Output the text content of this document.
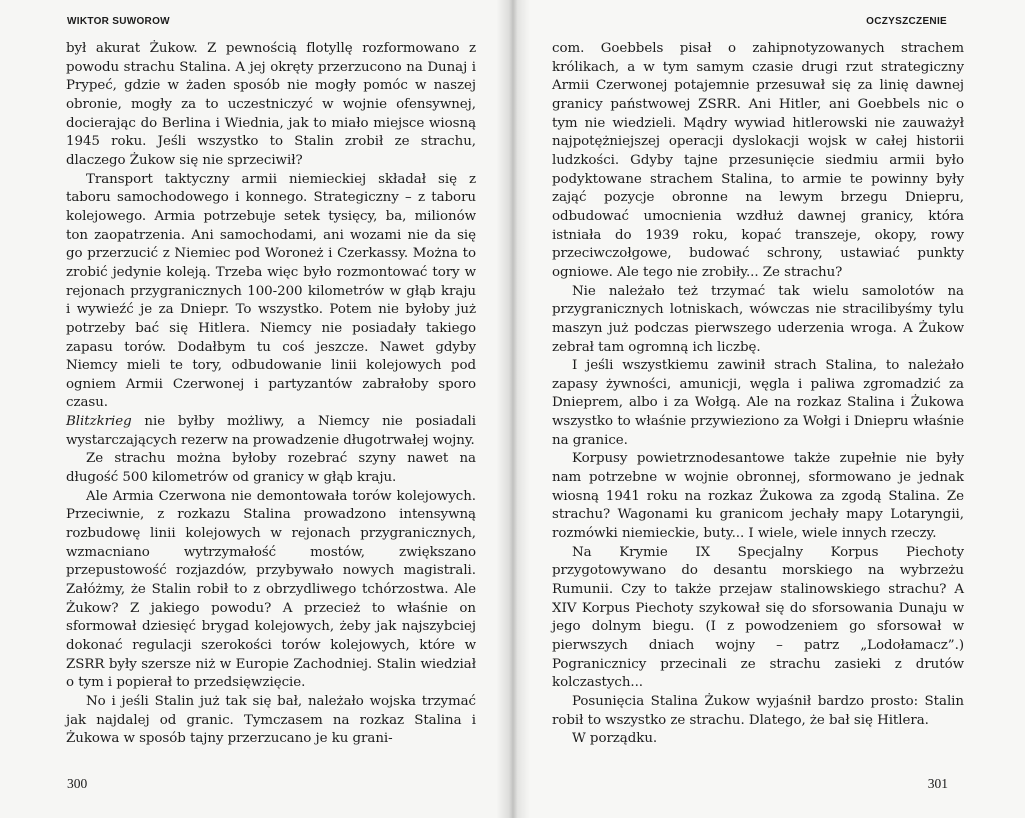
WIKTOR SUWOROW

był akurat Żukow. Z pewnością flotyllę rozformowano z powodu strachu Stalina. A jej okręty przerzucono na Dunaj i Prypeć, gdzie w żaden sposób nie mogły pomóc w naszej obronie, mogły za to uczestniczyć w wojnie ofensywnej, docierając do Berlina i Wiednia, jak to miało miejsce wiosną 1945 roku. Jeśli wszystko to Stalin zrobił ze strachu, dlaczego Żukow się nie sprzeciwił?

Transport taktyczny armii niemieckiej składał się z taboru samochodowego i konnego. Strategiczny – z taboru kolejowego. Armia potrzebuje setek tysięcy, ba, milionów ton zaopatrzenia. Ani samochodami, ani wozami nie da się go przerzucić z Niemiec pod Woroneż i Czerkassy. Można to zrobić jedynie koleją. Trzeba więc było rozmontować tory w rejonach przygranicznych 100-200 kilometrów w głąb kraju i wywieźć je za Dniepr. To wszystko. Potem nie byłoby już potrzeby bać się Hitlera. Niemcy nie posiadały takiego zapasu torów. Dodałbym tu coś jeszcze. Nawet gdyby Niemcy mieli te tory, odbudowanie linii kolejowych pod ogniem Armii Czerwonej i partyzantów zabrałoby sporo czasu.

Blitzkrieg nie byłby możliwy, a Niemcy nie posiadali wystarczających rezerw na prowadzenie długotrwałej wojny.

Ze strachu można byłoby rozebrać szyny nawet na długość 500 kilometrów od granicy w głąb kraju.

Ale Armia Czerwona nie demontowała torów kolejowych. Przeciwnie, z rozkazu Stalina prowadzono intensywną rozbudowę linii kolejowych w rejonach przygranicznych, wzmacniano wytrzymałość mostów, zwiększano przepustowość rozjazdów, przybywało nowych magistrali. Załóżmy, że Stalin robił to z obrzydliwego tchórzostwa. Ale Żukow? Z jakiego powodu? A przecież to właśnie on sformował dziesięć brygad kolejowych, żeby jak najszybciej dokonać regulacji szerokości torów kolejowych, które w ZSRR były szersze niż w Europie Zachodniej. Stalin wiedział o tym i popierał to przedsięwzięcie.

No i jeśli Stalin już tak się bał, należało wojska trzymać jak najdalej od granic. Tymczasem na rozkaz Stalina i Żukowa w sposób tajny przerzucano je ku grani-

300
OCZYSZCZENIE

com. Goebbels pisał o zahipnotyzowanych strachem królikach, a w tym samym czasie drugi rzut strategiczny Armii Czerwonej potajemnie przesuwał się za linię dawnej granicy państwowej ZSRR. Ani Hitler, ani Goebbels nic o tym nie wiedzieli. Mądry wywiad hitlerowski nie zauważył najpotężniejszej operacji dyslokacji wojsk w całej historii ludzkości. Gdyby tajne przesunięcie siedmiu armii było podyktowane strachem Stalina, to armie te powinny były zająć pozycje obronne na lewym brzegu Dniepru, odbudować umocnienia wzdłuż dawnej granicy, która istniała do 1939 roku, kopać transzeje, okopy, rowy przeciwczołgowe, budować schrony, ustawiać punkty ogniowe. Ale tego nie zrobiły... Ze strachu?

Nie należało też trzymać tak wielu samolotów na przygranicznych lotniskach, wówczas nie stracilibyśmy tylu maszyn już podczas pierwszego uderzenia wroga. A Żukow zebrał tam ogromną ich liczbę.

I jeśli wszystkiemu zawinił strach Stalina, to należało zapasy żywności, amunicji, węgla i paliwa zgromadzić za Dnieprem, albo i za Wołgą. Ale na rozkaz Stalina i Żukowa wszystko to właśnie przywieziono za Wołgi i Dniepru właśnie na granice.

Korpusy powietrznodesantowe także zupełnie nie były nam potrzebne w wojnie obronnej, sformowano je jednak wiosną 1941 roku na rozkaz Żukowa za zgodą Stalina. Ze strachu? Wagonami ku granicom jechały mapy Lotaryngii, rozmówki niemieckie, buty... I wiele, wiele innych rzeczy.

Na Krymie IX Specjalny Korpus Piechoty przygotowywano do desantu morskiego na wybrzeżu Rumunii. Czy to także przejaw stalinowskiego strachu? A XIV Korpus Piechoty szykował się do sforsowania Dunaju w jego dolnym biegu. (I z powodzeniem go sforsował w pierwszych dniach wojny – patrz „Lodołamacz”.) Pogranicznicy przecinali ze strachu zasieki z drutów kolczastych...

Posunięcia Stalina Żukow wyjaśnił bardzo prosto: Stalin robił to wszystko ze strachu. Dlatego, że bał się Hitlera.

W porządku.

301
